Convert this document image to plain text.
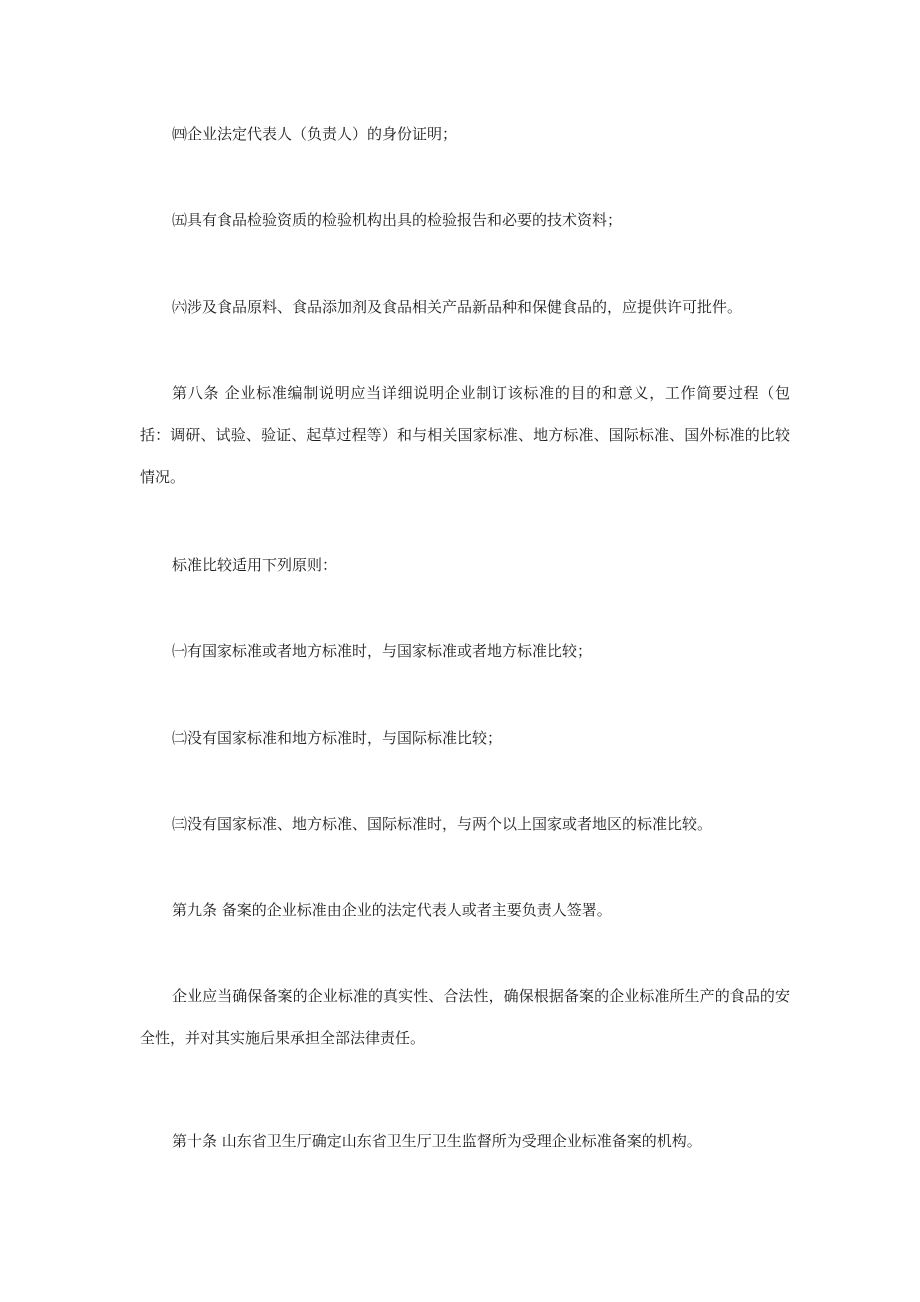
㈣企业法定代表人（负责人）的身份证明；

㈤具有食品检验资质的检验机构出具的检验报告和必要的技术资料；

㈥涉及食品原料、食品添加剂及食品相关产品新品种和保健食品的，应提供许可批件。

第八条 企业标准编制说明应当详细说明企业制订该标准的目的和意义，工作简要过程（包括：调研、试验、验证、起草过程等）和与相关国家标准、地方标准、国际标准、国外标准的比较情况。

标准比较适用下列原则：

㈠有国家标准或者地方标准时，与国家标准或者地方标准比较；

㈡没有国家标准和地方标准时，与国际标准比较；

㈢没有国家标准、地方标准、国际标准时，与两个以上国家或者地区的标准比较。

第九条 备案的企业标准由企业的法定代表人或者主要负责人签署。

企业应当确保备案的企业标准的真实性、合法性，确保根据备案的企业标准所生产的食品的安全性，并对其实施后果承担全部法律责任。

第十条 山东省卫生厅确定山东省卫生厅卫生监督所为受理企业标准备案的机构。
